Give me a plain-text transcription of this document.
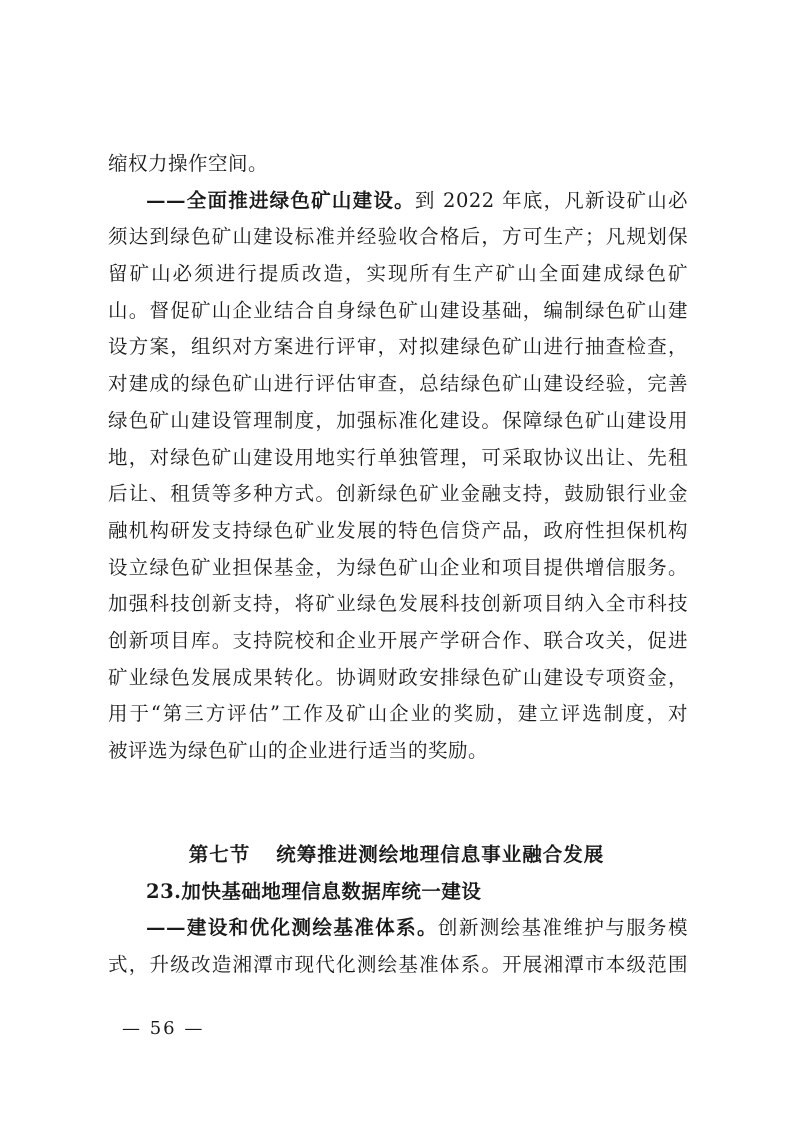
缩权力操作空间。
——全面推进绿色矿山建设。到 2022 年底，凡新设矿山必
须达到绿色矿山建设标准并经验收合格后，方可生产；凡规划保
留矿山必须进行提质改造，实现所有生产矿山全面建成绿色矿
山。督促矿山企业结合自身绿色矿山建设基础，编制绿色矿山建
设方案，组织对方案进行评审，对拟建绿色矿山进行抽查检查，
对建成的绿色矿山进行评估审查，总结绿色矿山建设经验，完善
绿色矿山建设管理制度，加强标准化建设。保障绿色矿山建设用
地，对绿色矿山建设用地实行单独管理，可采取协议出让、先租
后让、租赁等多种方式。创新绿色矿业金融支持，鼓励银行业金
融机构研发支持绿色矿业发展的特色信贷产品，政府性担保机构
设立绿色矿业担保基金，为绿色矿山企业和项目提供增信服务。
加强科技创新支持，将矿业绿色发展科技创新项目纳入全市科技
创新项目库。支持院校和企业开展产学研合作、联合攻关，促进
矿业绿色发展成果转化。协调财政安排绿色矿山建设专项资金，
用于“第三方评估”工作及矿山企业的奖励，建立评选制度，对
被评选为绿色矿山的企业进行适当的奖励。
第七节 统筹推进测绘地理信息事业融合发展
23.加快基础地理信息数据库统一建设
——建设和优化测绘基准体系。创新测绘基准维护与服务模
式，升级改造湘潭市现代化测绘基准体系。开展湘潭市本级范围
— 56 —
